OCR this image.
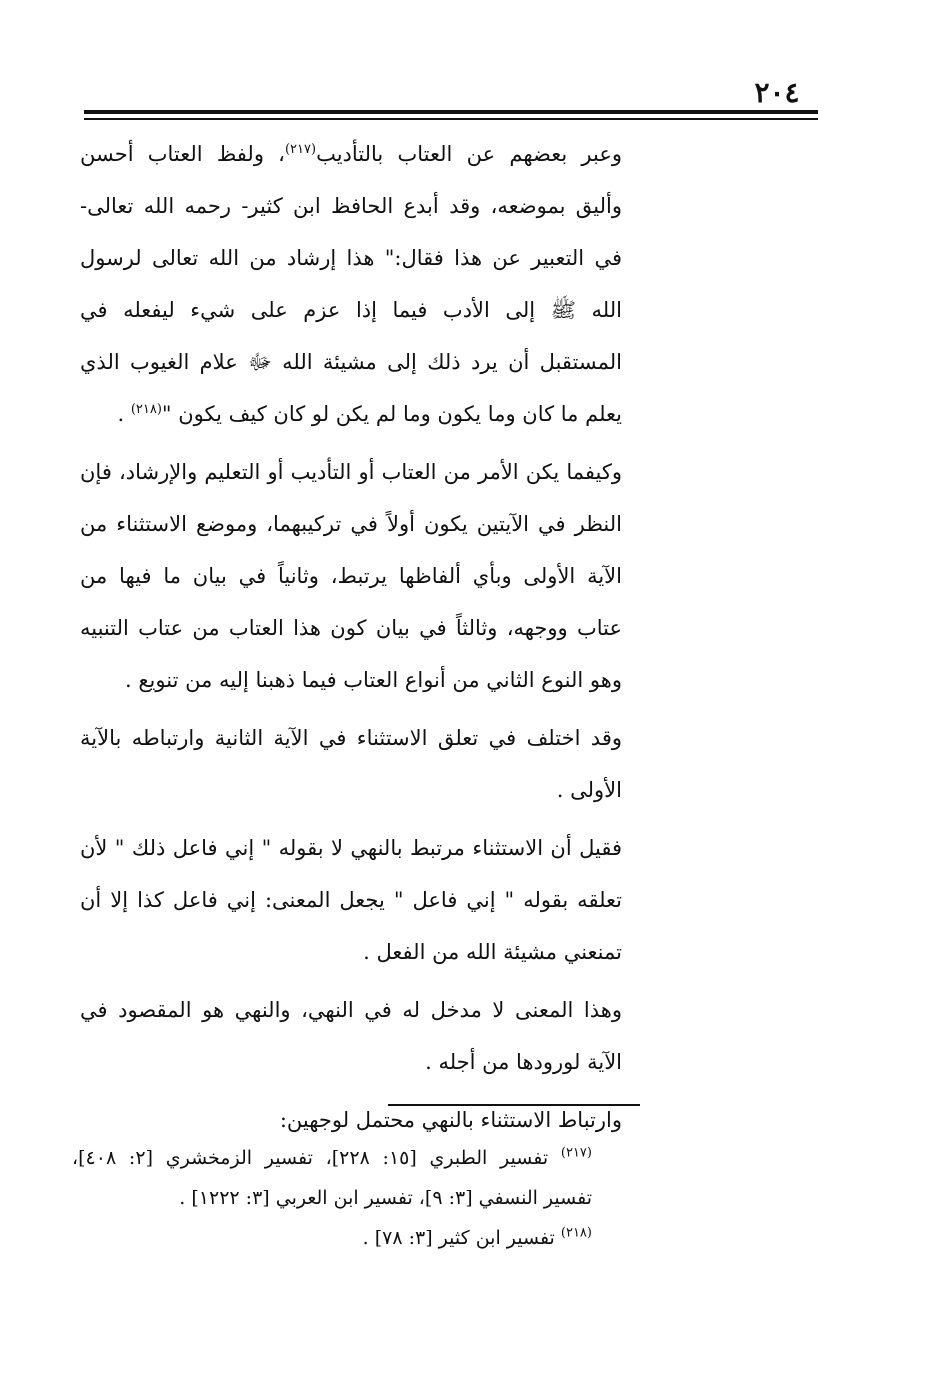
٢٠٤

وعبر بعضهم عن العتاب بالتأديب$^{(٢١٧)}$، ولفظ العتاب أحسن وأليق بموضعه، وقد أبدع الحافظ ابن كثير- رحمه الله تعالى- في التعبير عن هذا فقال:" هذا إرشاد من الله تعالى لرسول الله ﷺ إلى الأدب فيما إذا عزم على شيء ليفعله في المستقبل أن يرد ذلك إلى مشيئة الله ﷻ علام الغيوب الذي يعلم ما كان وما يكون وما لم يكن لو كان كيف يكون "$^{(٢١٨)}$ .

وكيفما يكن الأمر من العتاب أو التأديب أو التعليم والإرشاد، فإن النظر في الآيتين يكون أولاً في تركيبهما، وموضع الاستثناء من الآية الأولى وبأي ألفاظها يرتبط، وثانياً في بيان ما فيها من عتاب ووجهه، وثالثاً في بيان كون هذا العتاب من عتاب التنبيه وهو النوع الثاني من أنواع العتاب فيما ذهبنا إليه من تنويع .

وقد اختلف في تعلق الاستثناء في الآية الثانية وارتباطه بالآية الأولى .

فقيل أن الاستثناء مرتبط بالنهي لا بقوله " إني فاعل ذلك " لأن تعلقه بقوله " إني فاعل " يجعل المعنى: إني فاعل كذا إلا أن تمنعني مشيئة الله من الفعل .

وهذا المعنى لا مدخل له في النهي، والنهي هو المقصود في الآية لورودها من أجله .

وارتباط الاستثناء بالنهي محتمل لوجهين:

$^{(٢١٧)}$ تفسير الطبري [١٥: ٢٢٨]، تفسير الزمخشري [٢: ٤٠٨]، تفسير النسفي [٣: ٩]، تفسير ابن العربي [٣: ١٢٢٢] .

$^{(٢١٨)}$ تفسير ابن كثير [٣: ٧٨] .
